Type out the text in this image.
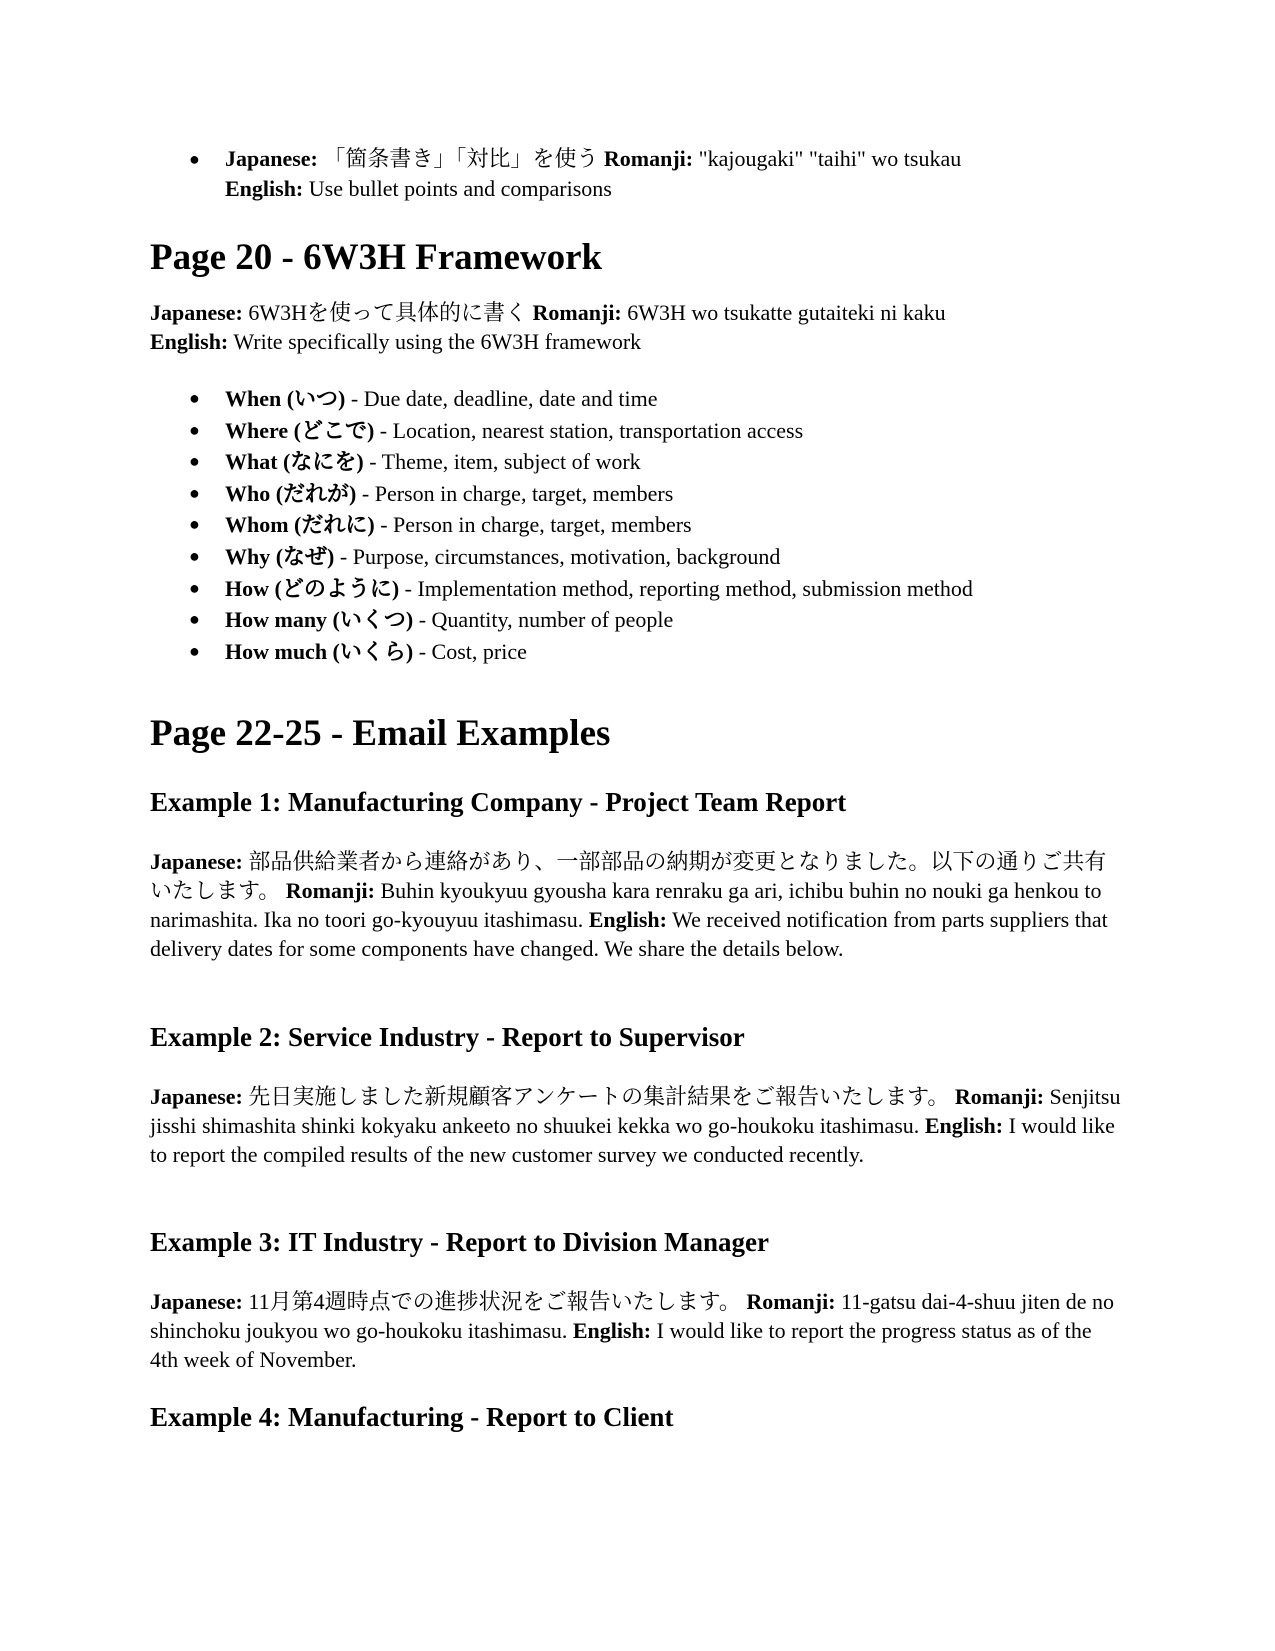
● Japanese: 「箇条書き」「対比」を使う Romanji: "kajougaki" "taihi" wo tsukau
English: Use bullet points and comparisons
Page 20 - 6W3H Framework

Japanese: 6W3Hを使って具体的に書く Romanji: 6W3H wo tsukatte gutaiteki ni kaku
English: Write specifically using the 6W3H framework

● When (いつ) - Due date, deadline, date and time
● Where (どこで) - Location, nearest station, transportation access
● What (なにを) - Theme, item, subject of work
● Who (だれが) - Person in charge, target, members
● Whom (だれに) - Person in charge, target, members
● Why (なぜ) - Purpose, circumstances, motivation, background
● How (どのように) - Implementation method, reporting method, submission method
● How many (いくつ) - Quantity, number of people
● How much (いくら) - Cost, price
Page 22-25 - Email Examples
Example 1: Manufacturing Company - Project Team Report

Japanese: 部品供給業者から連絡があり、一部部品の納期が変更となりました。以下の通りご共有いたします。 Romanji: Buhin kyoukyuu gyousha kara renraku ga ari, ichibu buhin no nouki ga henkou to narimashita. Ika no toori go-kyouyuu itashimasu. English: We received notification from parts suppliers that delivery dates for some components have changed. We share the details below.

Example 2: Service Industry - Report to Supervisor

Japanese: 先日実施しました新規顧客アンケートの集計結果をご報告いたします。 Romanji: Senjitsu jisshi shimashita shinki kokyaku ankeeto no shuukei kekka wo go-houkoku itashimasu. English: I would like to report the compiled results of the new customer survey we conducted recently.

Example 3: IT Industry - Report to Division Manager

Japanese: 11月第4週時点での進捗状況をご報告いたします。 Romanji: 11-gatsu dai-4-shuu jiten de no shinchoku joukyou wo go-houkoku itashimasu. English: I would like to report the progress status as of the 4th week of November.

Example 4: Manufacturing - Report to Client
